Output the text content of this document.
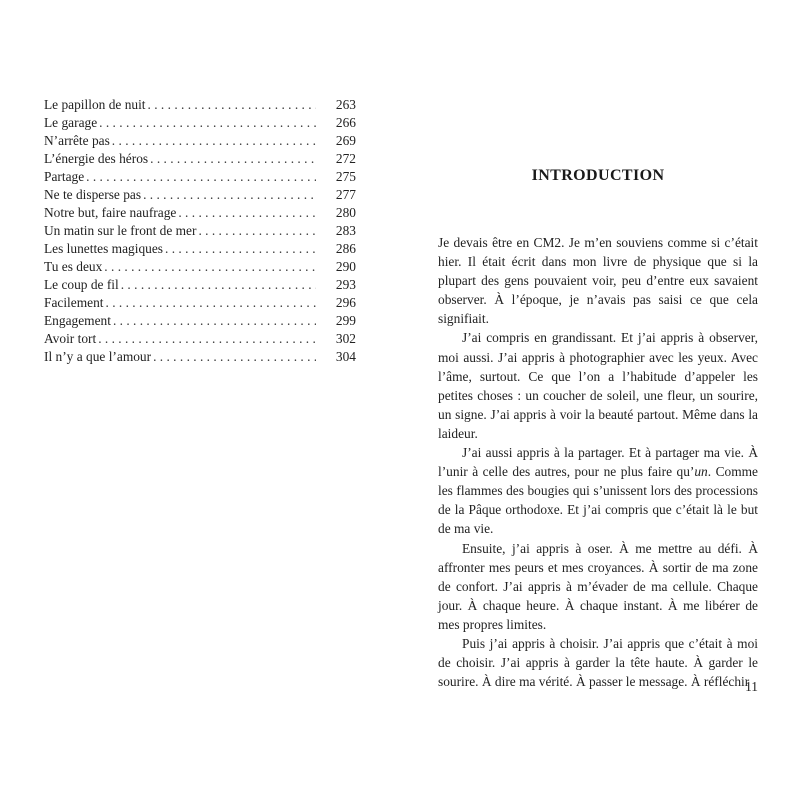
Le papillon de nuit . . .	263
Le garage . . .	266
N’arrête pas . . .	269
L’énergie des héros . . .	272
Partage . . .	275
Ne te disperse pas . . .	277
Notre but, faire naufrage . . .	280
Un matin sur le front de mer . . .	283
Les lunettes magiques . . .	286
Tu es deux . . .	290
Le coup de fil . . .	293
Facilement . . .	296
Engagement . . .	299
Avoir tort . . .	302
Il n’y a que l’amour . . .	304
INTRODUCTION

Je devais être en CM2. Je m’en souviens comme si c’était hier. Il était écrit dans mon livre de physique que si la plupart des gens pouvaient voir, peu d’entre eux savaient observer. À l’époque, je n’avais pas saisi ce que cela signifiait.

J’ai compris en grandissant. Et j’ai appris à observer, moi aussi. J’ai appris à photographier avec les yeux. Avec l’âme, surtout. Ce que l’on a l’habitude d’appeler les petites choses : un coucher de soleil, une fleur, un sourire, un signe. J’ai appris à voir la beauté partout. Même dans la laideur.

J’ai aussi appris à la partager. Et à partager ma vie. À l’unir à celle des autres, pour ne plus faire qu’un. Comme les flammes des bougies qui s’unissent lors des processions de la Pâque orthodoxe. Et j’ai compris que c’était là le but de ma vie.

Ensuite, j’ai appris à oser. À me mettre au défi. À affronter mes peurs et mes croyances. À sortir de ma zone de confort. J’ai appris à m’évader de ma cellule. Chaque jour. À chaque heure. À chaque instant. À me libérer de mes propres limites.

Puis j’ai appris à choisir. J’ai appris que c’était à moi de choisir. J’ai appris à garder la tête haute. À garder le sourire. À dire ma vérité. À passer le message. À réfléchir

11
